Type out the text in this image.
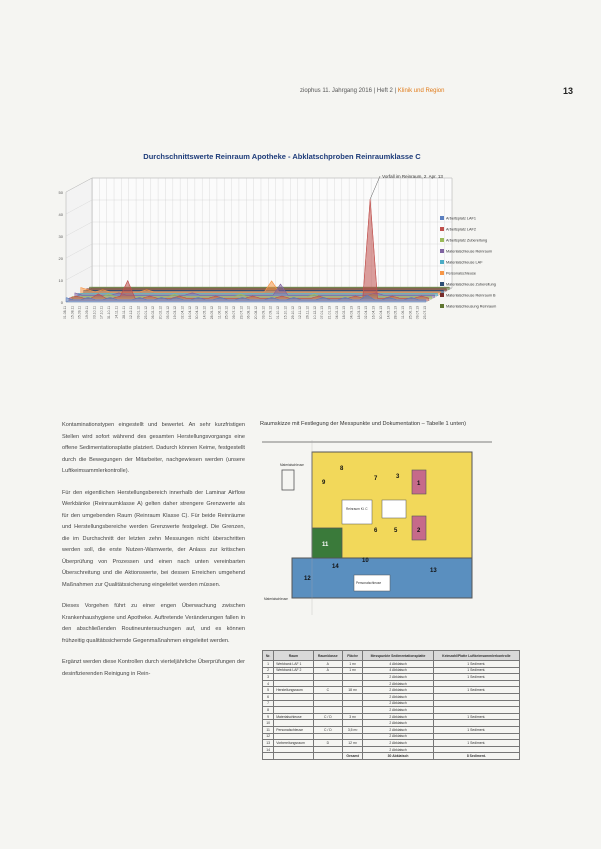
ziophus 11. Jahrgang 2016 | Heft 2 | Klinik und Region	13
Durchschnittswerte Reinraum Apotheke - Abklatschproben Reinraumklasse C
0
10
20
30
40
50
01.08.11 15.08.11 05.09.11 19.09.11 03.10.11 17.10.11 31.10.11 14.11.11 28.11.11 12.12.11 09.01.12 23.01.12 06.02.12 20.02.12 05.03.12 19.03.12 02.04.12 16.04.12 30.04.12 14.05.12 28.05.12 11.06.12 25.06.12 09.07.12 23.07.12 06.08.12 20.08.12 03.09.12 17.09.12 01.10.12 15.10.12 29.10.12 12.11.12 26.11.12 10.12.12 07.01.13 21.01.13 04.02.13 18.02.13 04.03.13 18.03.13 02.04.13 16.04.13 30.04.13 14.05.13 28.05.13 11.06.13 25.06.13 09.07.13 23.07.13
Vorfall im Reinraum, 2. Apr. 13
Arbeitsplatz LAF1
Arbeitsplatz LAF2
Arbeitsplatz Zubereitung
Materialschleuse Reinraum
Materialschleuse LAF
Personalschleuse
Materialschleuse Zubereitung
Materialschleuse Reinraum B
Materialschleusung Reinraum

Kontaminationstypen eingestellt und bewertet. An sehr kurzfristigen Stellen wird sofort während des gesamten Herstellungsvorgangs eine offene Sedimentationsplatte platziert. Dadurch können Keime, festgestellt durch die Bewegungen der Mitarbeiter, nachgewiesen werden (unsere Luftkeimsammlerkontrolle).

Für den eigentlichen Herstellungsbereich innerhalb der Laminar Airflow Werkbänke (Reinraumklasse A) gelten daher strengere Grenzwerte als für den umgebenden Raum (Reinraum Klasse C). Für beide Reinräume und Herstellungsbereiche werden Grenzwerte festgelegt. Die Grenzen, die im Durchschnitt der letzten zehn Messungen nicht überschritten werden soll, die erste Nutzen-Warnwerte, der Anlass zur kritischen Überprüfung von Prozessen und einen nach unten vereinbarten Überschreitung und die Aktionswerte, bei dessen Erreichen umgehend Maßnahmen zur Qualitätssicherung eingeleitet werden müssen.

Dieses Vorgehen führt zu einer engen Überwachung zwischen Krankenhaushygiene und Apotheke. Auftretende Veränderungen fallen in den abschließenden Routineuntersuchungen auf, und es können frühzeitig qualitätssichernde Gegenmaßnahmen eingeleitet werden.

Ergänzt werden diese Kontrollen durch vierteljährliche Überprüfungen der desinfizierenden Reinigung in Rein-

Raumskizze mit Festlegung der Messpunkte und Dokumentation – Tabelle 1 unten)
1
2
3
5
6
7
8
9
10
11
12
13
14
Materialschleuse
Reinraum Kl. C
Personalschleuse
Materialschleuse
Nr.	Raum	Raumklasse	Fläche	Messpunkte Sedimentationsplatte	Keimzahl/Platte Luftkeimsammlerkontrolle
1	Werkbank LAF 1	A	1 m²	4 Abklatsch	1 Sediment.
2	Werkbank LAF 2	A	1 m²	4 Abklatsch	1 Sediment.
3				2 Abklatsch	1 Sediment.
4				2 Abklatsch	
5	Herstellungsraum	C	18 m²	2 Abklatsch	1 Sediment.
6				2 Abklatsch	
7				2 Abklatsch	
8				2 Abklatsch	
9	Materialschleuse	C / D	3 m²	2 Abklatsch	1 Sediment.
10				2 Abklatsch	
11	Personalschleuse	C / D	3,5 m²	2 Abklatsch	1 Sediment.
12				2 Abklatsch	
13	Vorbereitungsraum	D	12 m²	2 Abklatsch	1 Sediment.
14				2 Abklatsch	
			Gesamt	30 Abklatsch	8 Sediment.
